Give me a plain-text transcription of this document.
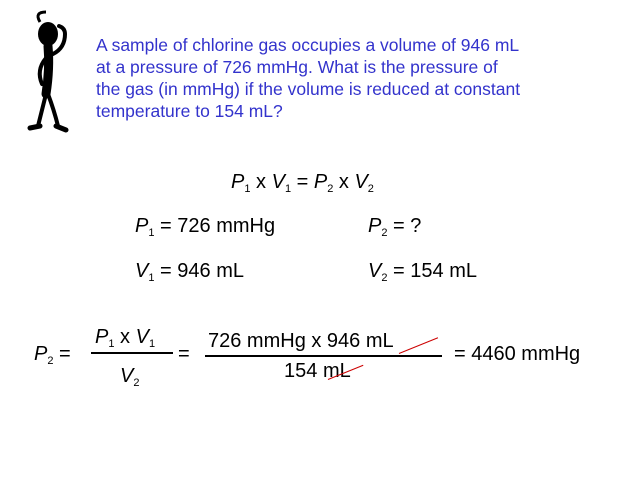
A sample of chlorine gas occupies a volume of 946 mL
at a pressure of 726 mmHg. What is the pressure of
the gas (in mmHg) if the volume is reduced at constant
temperature to 154 mL?
$P_1$ x $V_1 = P_2$ x $V_2$
$P_1 = 726$ mmHg	$P_2$ = ?
$V_1 = 946$ mL	$V_2 = 154$ mL
$P_2$ =
$P_1$ x $V_1$
$V_2$
=
726 mmHg x 946 mL
154 mL
= 4460 mmHg
